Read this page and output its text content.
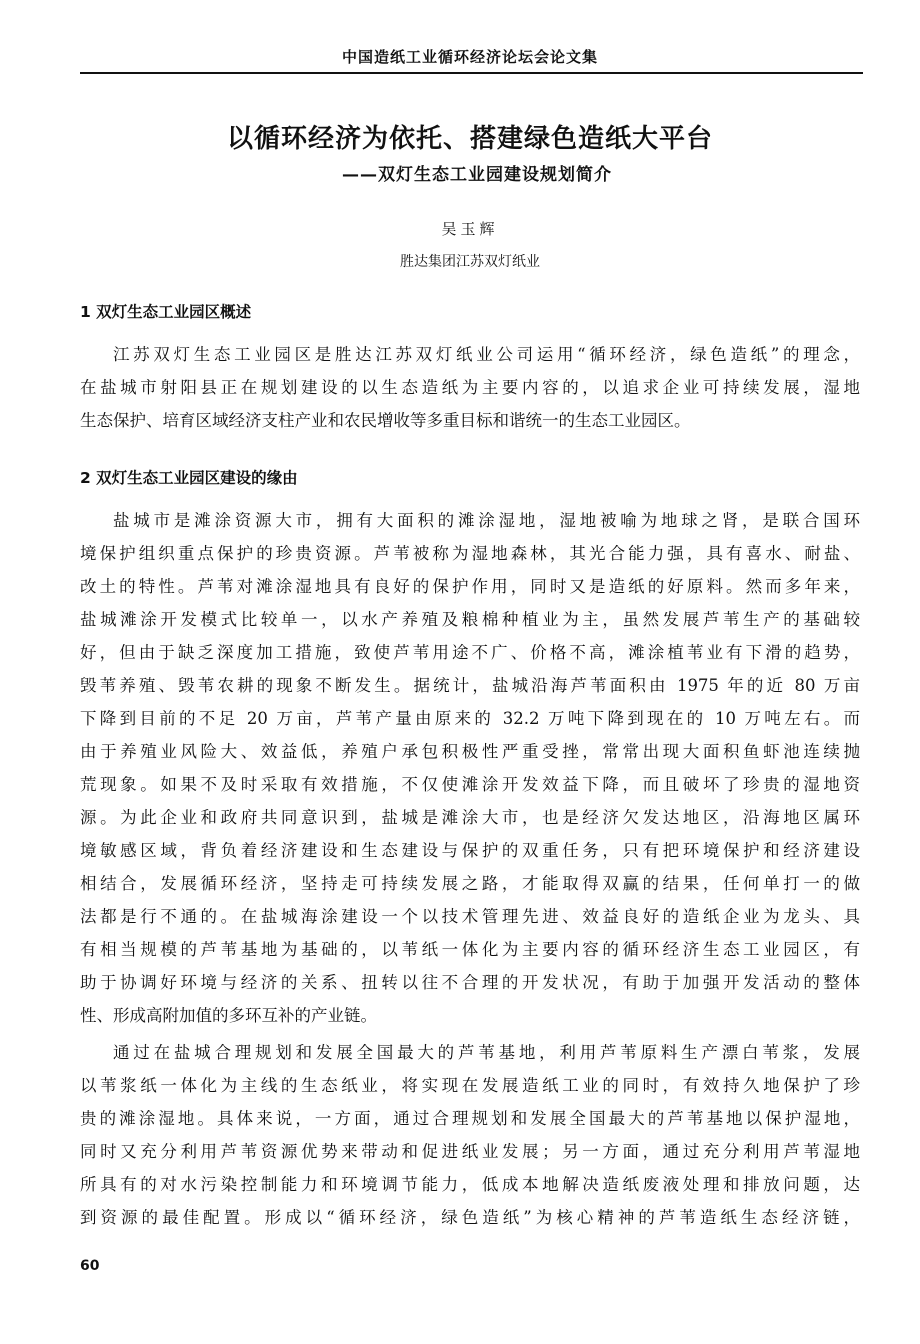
中国造纸工业循环经济论坛会论文集
以循环经济为依托、搭建绿色造纸大平台
——双灯生态工业园建设规划简介
吴玉辉
胜达集团江苏双灯纸业
1 双灯生态工业园区概述
江苏双灯生态工业园区是胜达江苏双灯纸业公司运用“循环经济，绿色造纸”的理念，
在盐城市射阳县正在规划建设的以生态造纸为主要内容的，以追求企业可持续发展，湿地
生态保护、培育区域经济支柱产业和农民增收等多重目标和谐统一的生态工业园区。
2 双灯生态工业园区建设的缘由
盐城市是滩涂资源大市，拥有大面积的滩涂湿地，湿地被喻为地球之肾，是联合国环
境保护组织重点保护的珍贵资源。芦苇被称为湿地森林，其光合能力强，具有喜水、耐盐、
改土的特性。芦苇对滩涂湿地具有良好的保护作用，同时又是造纸的好原料。然而多年来，
盐城滩涂开发模式比较单一，以水产养殖及粮棉种植业为主，虽然发展芦苇生产的基础较
好，但由于缺乏深度加工措施，致使芦苇用途不广、价格不高，滩涂植苇业有下滑的趋势，
毁苇养殖、毁苇农耕的现象不断发生。据统计，盐城沿海芦苇面积由 1975 年的近 80 万亩
下降到目前的不足 20 万亩，芦苇产量由原来的 32.2 万吨下降到现在的 10 万吨左右。而
由于养殖业风险大、效益低，养殖户承包积极性严重受挫，常常出现大面积鱼虾池连续抛
荒现象。如果不及时采取有效措施，不仅使滩涂开发效益下降，而且破坏了珍贵的湿地资
源。为此企业和政府共同意识到，盐城是滩涂大市，也是经济欠发达地区，沿海地区属环
境敏感区域，背负着经济建设和生态建设与保护的双重任务，只有把环境保护和经济建设
相结合，发展循环经济，坚持走可持续发展之路，才能取得双赢的结果，任何单打一的做
法都是行不通的。在盐城海涂建设一个以技术管理先进、效益良好的造纸企业为龙头、具
有相当规模的芦苇基地为基础的，以苇纸一体化为主要内容的循环经济生态工业园区，有
助于协调好环境与经济的关系、扭转以往不合理的开发状况，有助于加强开发活动的整体
性、形成高附加值的多环互补的产业链。
通过在盐城合理规划和发展全国最大的芦苇基地，利用芦苇原料生产漂白苇浆，发展
以苇浆纸一体化为主线的生态纸业，将实现在发展造纸工业的同时，有效持久地保护了珍
贵的滩涂湿地。具体来说，一方面，通过合理规划和发展全国最大的芦苇基地以保护湿地，
同时又充分利用芦苇资源优势来带动和促进纸业发展；另一方面，通过充分利用芦苇湿地
所具有的对水污染控制能力和环境调节能力，低成本地解决造纸废液处理和排放问题，达
到资源的最佳配置。形成以“循环经济，绿色造纸”为核心精神的芦苇造纸生态经济链，
60
